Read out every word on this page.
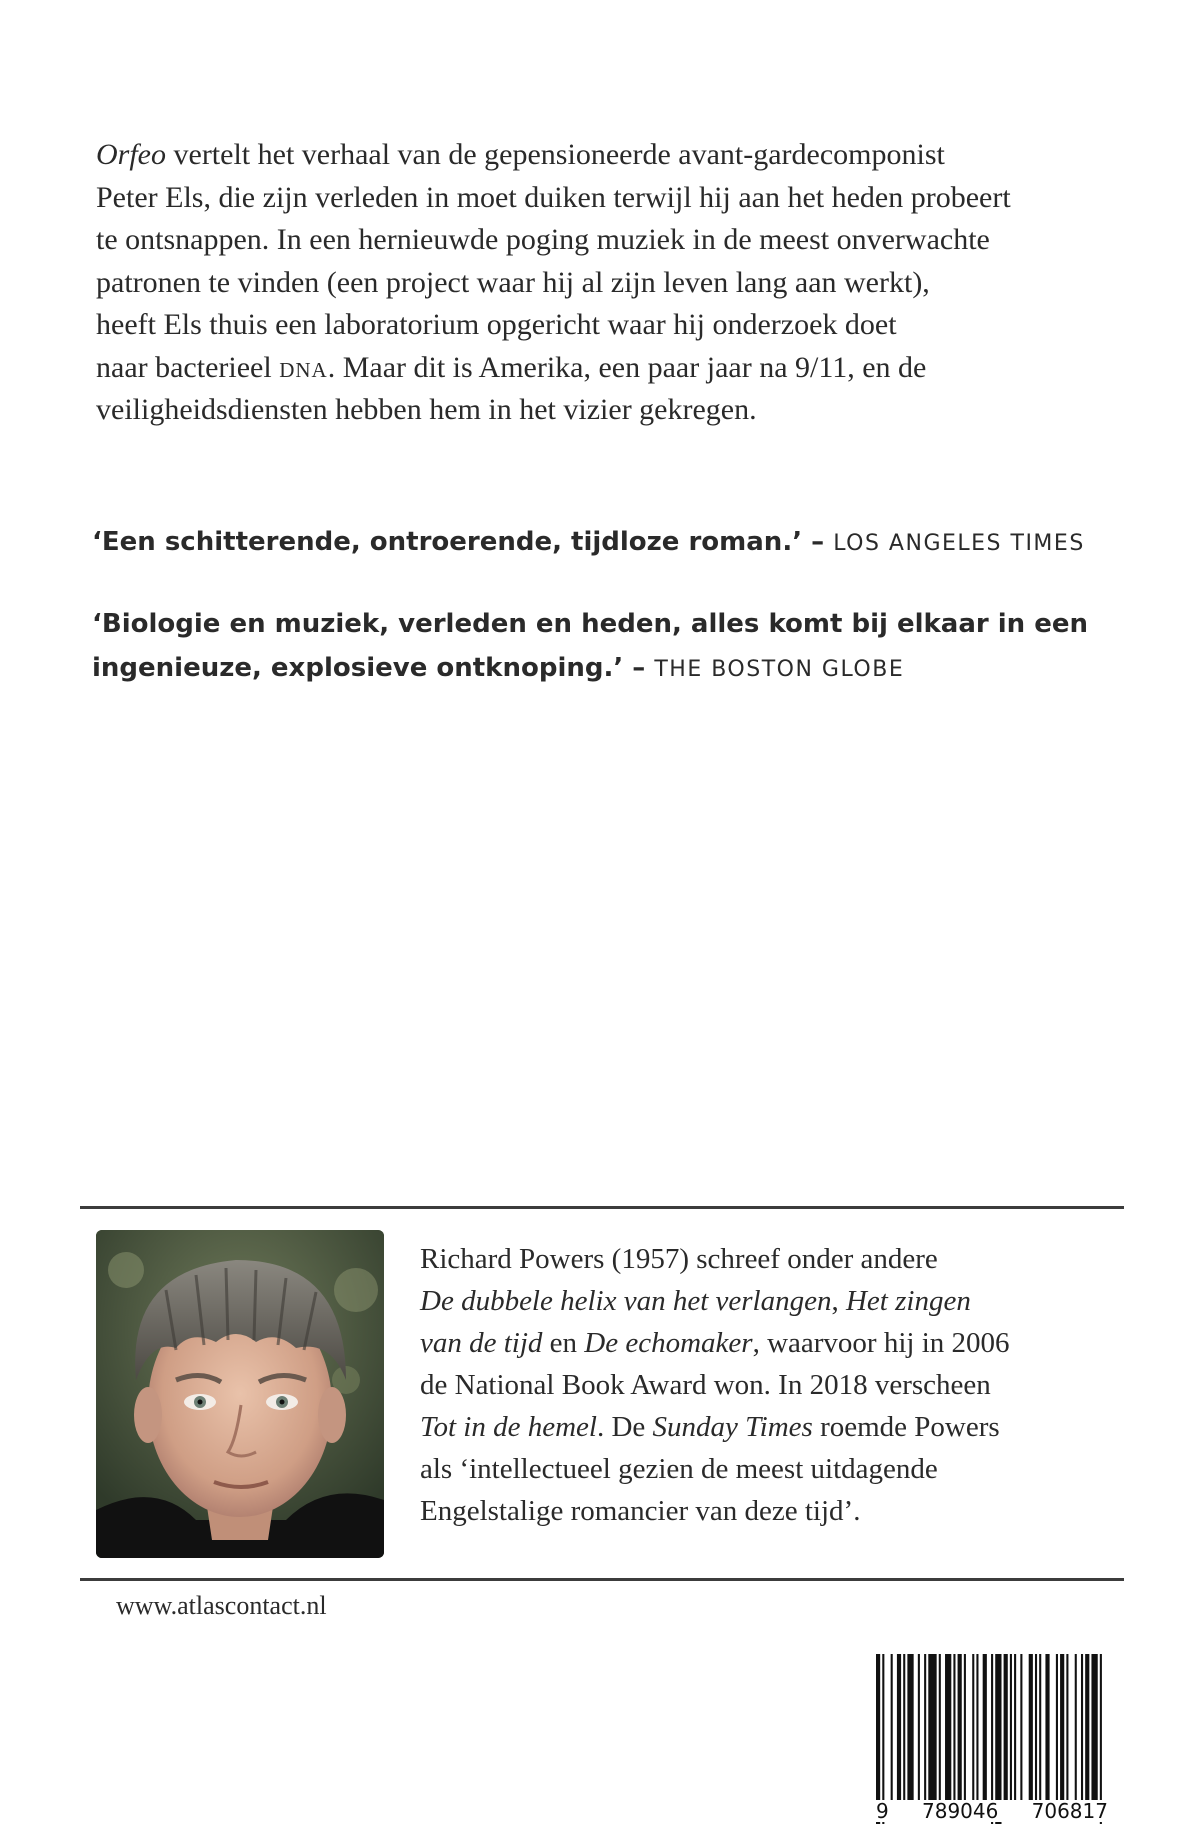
Orfeo vertelt het verhaal van de gepensioneerde avant-gardecomponist
Peter Els, die zijn verleden in moet duiken terwijl hij aan het heden probeert
te ontsnappen. In een hernieuwde poging muziek in de meest onverwachte
patronen te vinden (een project waar hij al zijn leven lang aan werkt),
heeft Els thuis een laboratorium opgericht waar hij onderzoek doet
naar bacterieel dna. Maar dit is Amerika, een paar jaar na 9/11, en de
veiligheidsdiensten hebben hem in het vizier gekregen.

‘Een schitterende, ontroerende, tijdloze roman.’ – LOS ANGELES TIMES

‘Biologie en muziek, verleden en heden, alles komt bij elkaar in een
ingenieuze, explosieve ontknoping.’ – THE BOSTON GLOBE

Richard Powers (1957) schreef onder andere
De dubbele helix van het verlangen, Het zingen
van de tijd en De echomaker, waarvoor hij in 2006
de National Book Award won. In 2018 verscheen
Tot in de hemel. De Sunday Times roemde Powers
als ‘intellectueel gezien de meest uitdagende
Engelstalige romancier van deze tijd’.

www.atlascontact.nl
9 789046 706817
